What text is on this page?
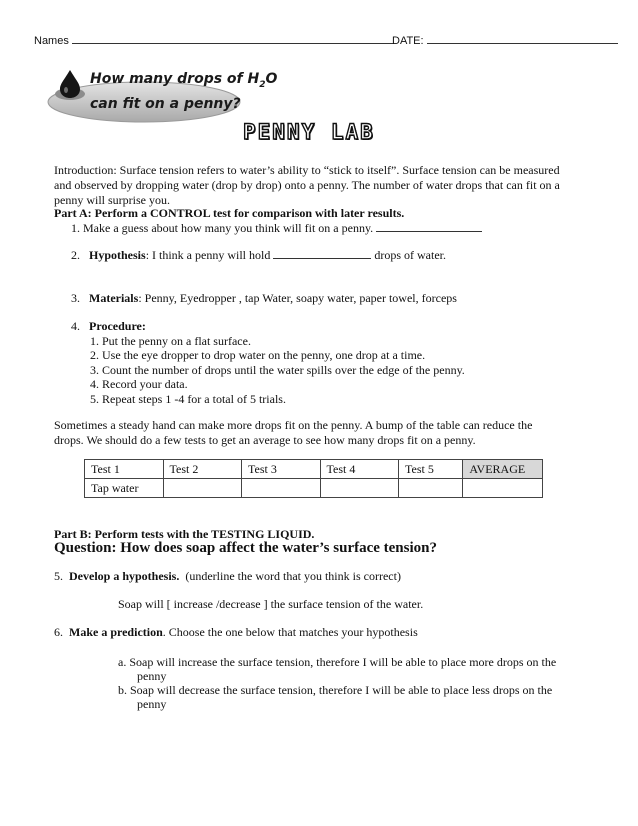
Names	DATE:
How many drops of $H_2O$
can fit on a penny?
PENNY LAB
Introduction: Surface tension refers to water’s ability to “stick to itself”. Surface tension can be measured
and observed by dropping water (drop by drop) onto a penny. The number of water drops that can fit on a
penny will surprise you.
Part A: Perform a CONTROL test for comparison with later results.
1. Make a guess about how many you think will fit on a penny.
2. Hypothesis: I think a penny will hold	drops of water.
3. Materials: Penny, Eyedropper , tap Water, soapy water, paper towel, forceps
4. Procedure:
1. Put the penny on a flat surface.
2. Use the eye dropper to drop water on the penny, one drop at a time.
3. Count the number of drops until the water spills over the edge of the penny.
4. Record your data.
5. Repeat steps 1 -4 for a total of 5 trials.
Sometimes a steady hand can make more drops fit on the penny. A bump of the table can reduce the
drops. We should do a few tests to get an average to see how many drops fit on a penny.
Test 1	Test 2	Test 3	Test 4	Test 5	AVERAGE
Tap water					
Part B: Perform tests with the TESTING LIQUID.
Question: How does soap affect the water’s surface tension?
5. Develop a hypothesis. (underline the word that you think is correct)
Soap will [ increase /decrease ] the surface tension of the water.
6. Make a prediction. Choose the one below that matches your hypothesis
a. Soap will increase the surface tension, therefore I will be able to place more drops on the
penny
b. Soap will decrease the surface tension, therefore I will be able to place less drops on the
penny
